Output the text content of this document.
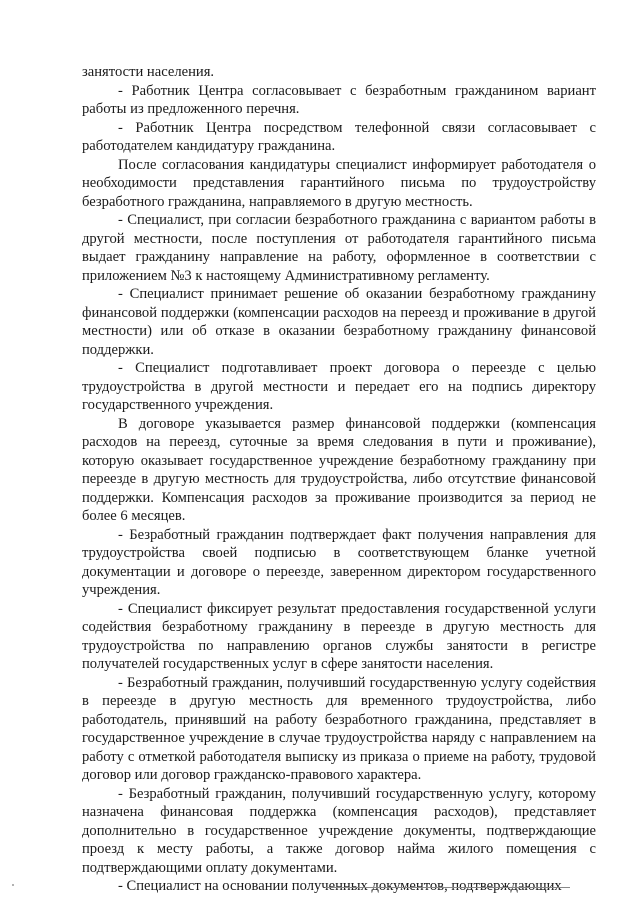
занятости населения.

- Работник Центра согласовывает с безработным гражданином вариант работы из предложенного перечня.

- Работник Центра посредством телефонной связи согласовывает с работодателем кандидатуру гражданина.

После согласования кандидатуры специалист информирует работодателя о необходимости представления гарантийного письма по трудоустройству безработного гражданина, направляемого в другую местность.

- Специалист, при согласии безработного гражданина с вариантом работы в другой местности, после поступления от работодателя гарантийного письма выдает гражданину направление на работу, оформленное в соответствии с приложением №3 к настоящему Административному регламенту.

- Специалист принимает решение об оказании безработному гражданину финансовой поддержки (компенсации расходов на переезд и проживание в другой местности) или об отказе в оказании безработному гражданину финансовой поддержки.

- Специалист подготавливает проект договора о переезде с целью трудоустройства в другой местности и передает его на подпись директору государственного учреждения.

В договоре указывается размер финансовой поддержки (компенсация расходов на переезд, суточные за время следования в пути и проживание), которую оказывает государственное учреждение безработному гражданину при переезде в другую местность для трудоустройства, либо отсутствие финансовой поддержки. Компенсация расходов за проживание производится за период не более 6 месяцев.

- Безработный гражданин подтверждает факт получения направления для трудоустройства своей подписью в соответствующем бланке учетной документации и договоре о переезде, заверенном директором государственного учреждения.

- Специалист фиксирует результат предоставления государственной услуги содействия безработному гражданину в переезде в другую местность для трудоустройства по направлению органов службы занятости в регистре получателей государственных услуг в сфере занятости населения.

- Безработный гражданин, получивший государственную услугу содействия в переезде в другую местность для временного трудоустройства, либо работодатель, принявший на работу безработного гражданина, представляет в государственное учреждение в случае трудоустройства наряду с направлением на работу с отметкой работодателя выписку из приказа о приеме на работу, трудовой договор или договор гражданско-правового характера.

- Безработный гражданин, получивший государственную услугу, которому назначена финансовая поддержка (компенсация расходов), представляет дополнительно в государственное учреждение документы, подтверждающие проезд к месту работы, а также договор найма жилого помещения с подтверждающими оплату документами.

- Специалист на основании полученных документов, подтверждающих
